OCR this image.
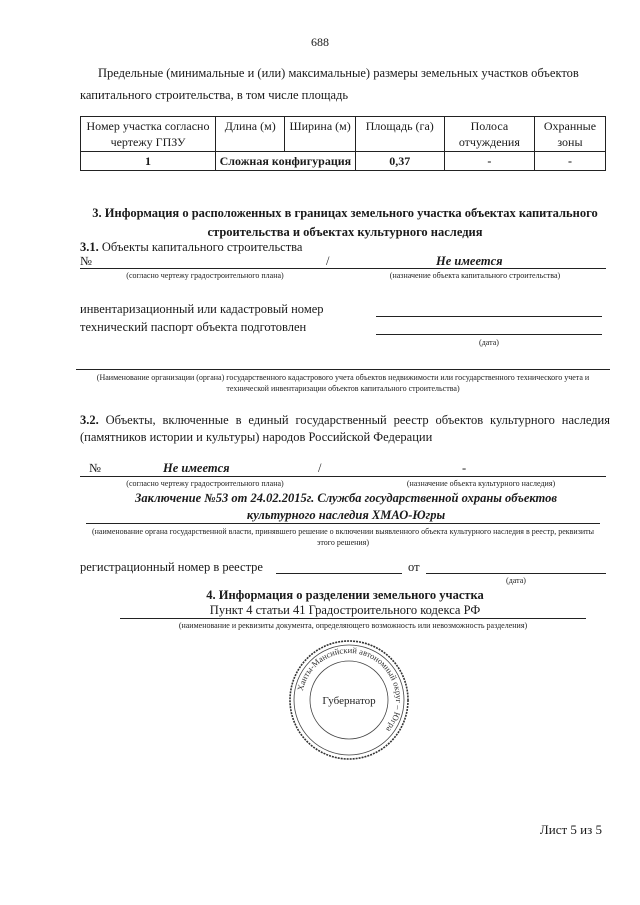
688
Предельные (минимальные и (или) максимальные) размеры земельных участков объектов капитального строительства, в том числе площадь
Номер участка согласно чертежу ГПЗУ	Длина (м)	Ширина (м)	Площадь (га)	Полоса отчуждения	Охранные зоны
1	Сложная конфигурация		0,37	-	-
3. Информация о расположенных в границах земельного участка объектах капитального строительства и объектах культурного наследия
3.1. Объекты капитального строительства
№	/	Не имеется
(согласно чертежу градостроительного плана)	(назначение объекта капитального строительства)
инвентаризационный или кадастровый номер
технический паспорт объекта подготовлен
(дата)
(Наименование организации (органа) государственного кадастрового учета объектов недвижимости или государственного технического учета и технической инвентаризации объектов капитального строительства)
3.2. Объекты, включенные в единый государственный реестр объектов культурного наследия (памятников истории и культуры) народов Российской Федерации
№	Не имеется	/	-
(согласно чертежу градостроительного плана)	(назначение объекта культурного наследия)
Заключение №53 от 24.02.2015г. Служба государственной охраны объектов культурного наследия ХМАО-Югры
(наименование органа государственной власти, принявшего решение о включении выявленного объекта культурного наследия в реестр, реквизиты этого решения)
регистрационный номер в реестре	от
(дата)
4. Информация о разделении земельного участка
Пункт 4 статьи 41 Градостроительного кодекса РФ
(наименование и реквизиты документа, определяющего возможность или невозможность разделения)
Ханты-Мансийский автономный округ – Югра
Губернатор
Лист 5 из 5
